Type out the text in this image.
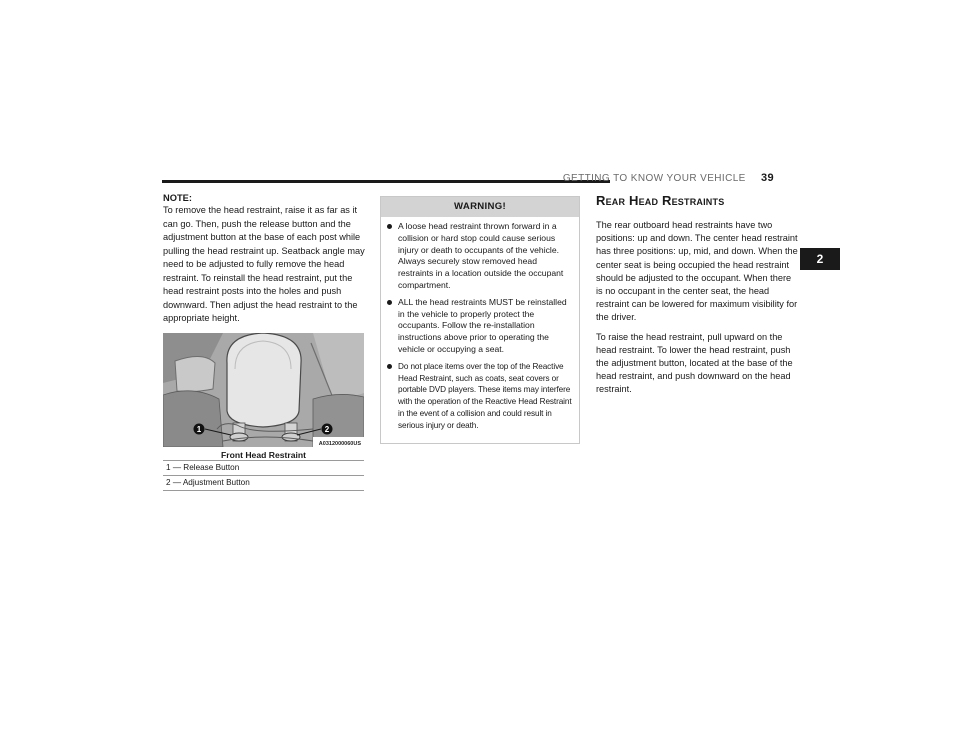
GETTING TO KNOW YOUR VEHICLE 39
2
NOTE:

To remove the head restraint, raise it as far as it can go. Then, push the release button and the adjustment button at the base of each post while pulling the head restraint up. Seatback angle may need to be adjusted to fully remove the head restraint. To reinstall the head restraint, put the head restraint posts into the holes and push downward. Then adjust the head restraint to the appropriate height.

1	2
A0312000060US
Front Head Restraint
1 — Release Button
2 — Adjustment Button
WARNING!
A loose head restraint thrown forward in a collision or hard stop could cause serious injury or death to occupants of the vehicle. Always securely stow removed head restraints in a location outside the occupant compartment.
ALL the head restraints MUST be reinstalled in the vehicle to properly protect the occupants. Follow the re-installation instructions above prior to operating the vehicle or occupying a seat.
Do not place items over the top of the Reactive Head Restraint, such as coats, seat covers or portable DVD players. These items may interfere with the operation of the Reactive Head Restraint in the event of a collision and could result in serious injury or death.
Rear Head Restraints

The rear outboard head restraints have two positions: up and down. The center head restraint has three positions: up, mid, and down. When the center seat is being occupied the head restraint should be adjusted to the occupant. When there is no occupant in the center seat, the head restraint can be lowered for maximum visibility for the driver.

To raise the head restraint, pull upward on the head restraint. To lower the head restraint, push the adjustment button, located at the base of the head restraint, and push downward on the head restraint.
